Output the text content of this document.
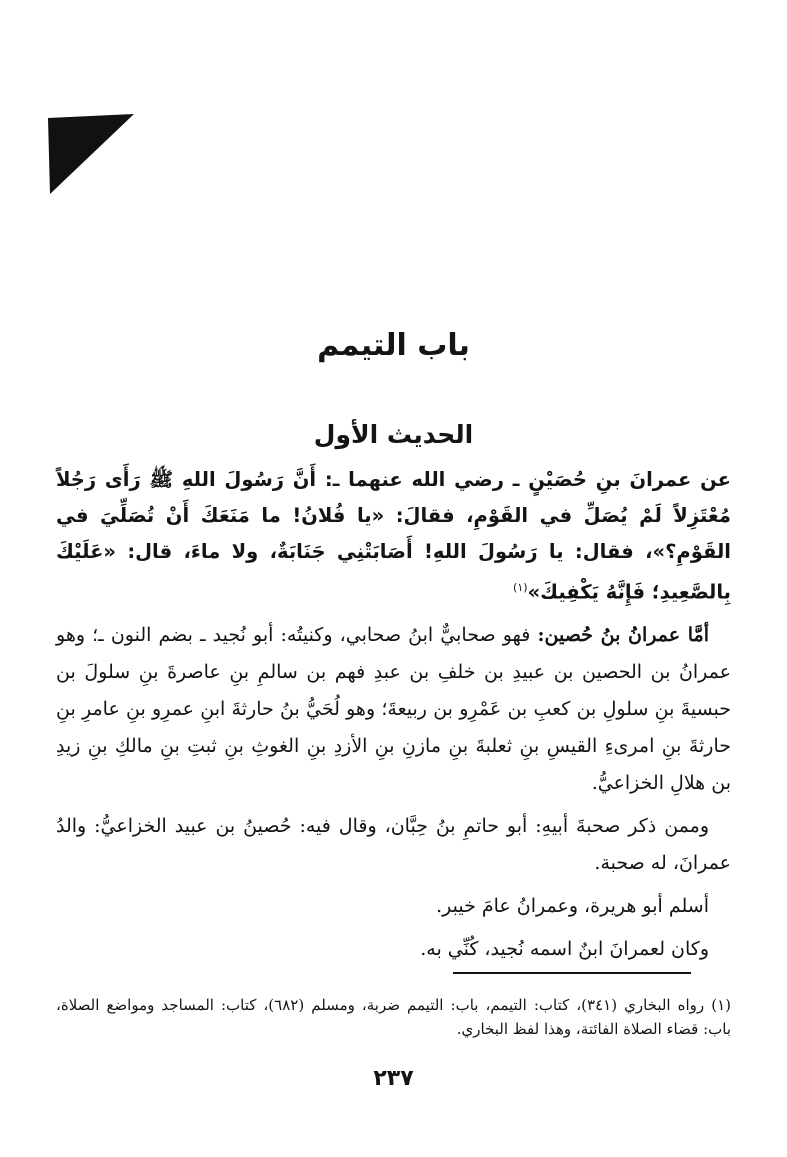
باب التيمم
الحديث الأول
عن عمرانَ بنِ حُصَيْنٍ ـ رضي الله عنهما ـ: أَنَّ رَسُولَ اللهِ ﷺ رَأَى رَجُلاً مُعْتَزِلاً لَمْ يُصَلِّ في القَوْمِ، فقالَ: «يا فُلانُ! ما مَنَعَكَ أَنْ تُصَلِّيَ في القَوْمِ؟»، فقال: يا رَسُولَ اللهِ! أَصَابَتْنِي جَنَابَةٌ، ولا ماءَ، قال: «عَلَيْكَ بِالصَّعِيدِ؛ فَإِنَّهُ يَكْفِيكَ»$^{(١)}$

أمَّا عمرانُ بنُ حُصين: فهو صحابيٌّ ابنُ صحابي، وكنيتُه: أبو نُجيد ـ بضم النون ـ؛ وهو عمرانُ بن الحصين بن عبيدِ بن خلفِ بن عبدِ فهم بن سالمِ بنِ عاصرةَ بنِ سلولَ بن حبسيةَ بنِ سلولِ بن كعبِ بن عَمْرِو بن ربيعةَ؛ وهو لُحَيُّ بنُ حارثةَ ابنِ عمرِو بنِ عامرِ بنِ حارثةَ بنِ امرىءِ القيسِ بنِ ثعلبةَ بنِ مازنِ بنِ الأزدِ بنِ الغوثِ بنِ ثبتِ بنِ مالكِ بنِ زيدِ بن هلالِ الخزاعيُّ.

وممن ذكر صحبةَ أبيهِ: أبو حاتمِ بنُ حِبَّان، وقال فيه: حُصينُ بن عبيد الخزاعيُّ: والدُ عمرانَ، له صحبة.

أسلم أبو هريرة، وعمرانُ عامَ خيبر.

وكان لعمرانَ ابنٌ اسمه نُجيد، كُنِّي به.

(١) رواه البخاري (٣٤١)، كتاب: التيمم، باب: التيمم ضربة، ومسلم (٦٨٢)، كتاب: المساجد ومواضع الصلاة، باب: قضاء الصلاة الفائتة، وهذا لفظ البخاري.
٢٣٧
